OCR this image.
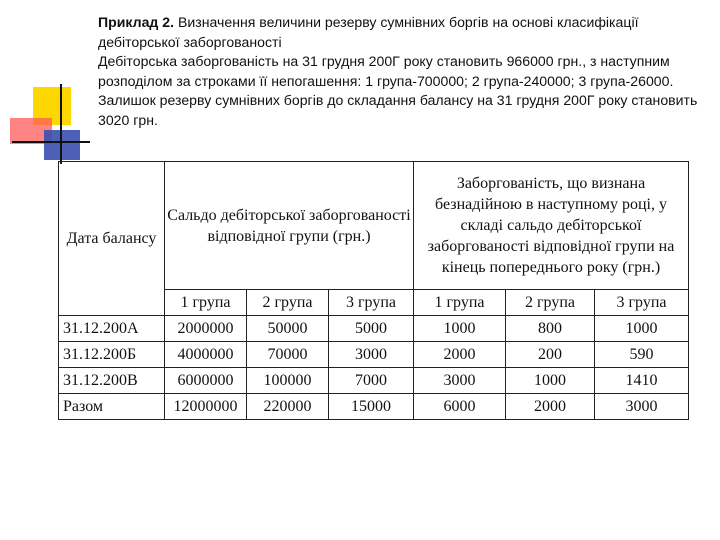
Приклад 2. Визначення величини резерву сумнівних боргів на основі класифікації дебіторської заборгованості

Дебіторська заборгованість на 31 грудня 200Г року становить 966000 грн., з наступним розподілом за строками її непогашення: 1 група-700000; 2 група-240000; 3 група-26000. Залишок резерву сумнівних боргів до складання балансу на 31 грудня 200Г року становить 3020 грн.

Дата балансу	Сальдо дебіторської заборгованості відповідної групи (грн.)			Заборгованість, що визнана безнадійною в наступному році, у складі сальдо дебіторської заборгованості відповідної групи на кінець попереднього року (грн.)		
	1 група	2 група	3 група	1 група	2 група	3 група
31.12.200А	2000000	50000	5000	1000	800	1000
31.12.200Б	4000000	70000	3000	2000	200	590
31.12.200В	6000000	100000	7000	3000	1000	1410
Разом	12000000	220000	15000	6000	2000	3000
